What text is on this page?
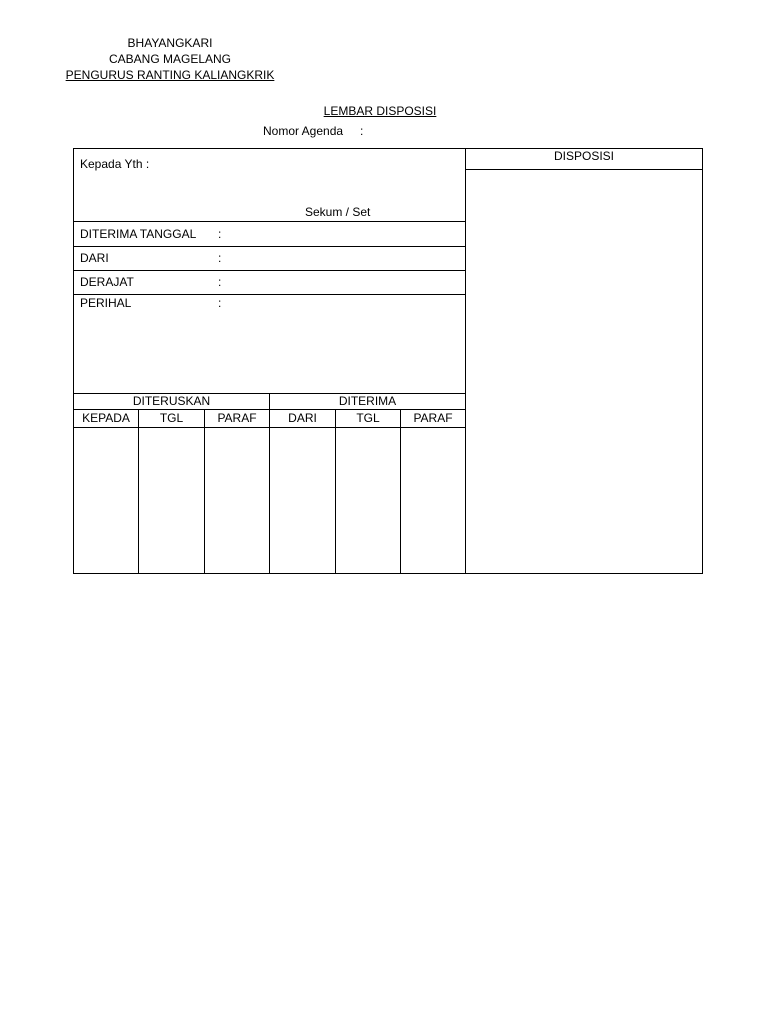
BHAYANGKARI
CABANG MAGELANG
PENGURUS RANTING KALIANGKRIK
LEMBAR DISPOSISI
Nomor Agenda :
Kepada Yth :
Sekum / Set
DITERIMA TANGGAL :
DARI	:
DERAJAT	:
PERIHAL	:
DITERUSKAN	DITERIMA
KEPADA	TGL	PARAF	DARI	TGL	PARAF
DISPOSISI
